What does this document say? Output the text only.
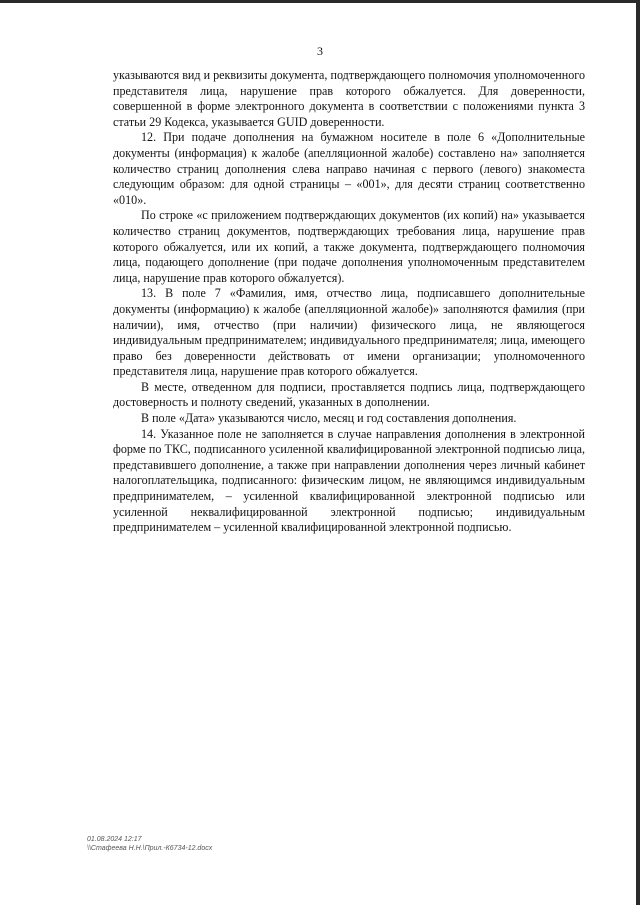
3

указываются вид и реквизиты документа, подтверждающего полномочия уполномоченного представителя лица, нарушение прав которого обжалуется. Для доверенности, совершенной в форме электронного документа в соответствии с положениями пункта 3 статьи 29 Кодекса, указывается GUID доверенности.

12. При подаче дополнения на бумажном носителе в поле 6 «Дополнительные документы (информация) к жалобе (апелляционной жалобе) составлено на» заполняется количество страниц дополнения слева направо начиная с первого (левого) знакоместа следующим образом: для одной страницы – «001», для десяти страниц соответственно «010».

По строке «с приложением подтверждающих документов (их копий) на» указывается количество страниц документов, подтверждающих требования лица, нарушение прав которого обжалуется, или их копий, а также документа, подтверждающего полномочия лица, подающего дополнение (при подаче дополнения уполномоченным представителем лица, нарушение прав которого обжалуется).

13. В поле 7 «Фамилия, имя, отчество лица, подписавшего дополнительные документы (информацию) к жалобе (апелляционной жалобе)» заполняются фамилия (при наличии), имя, отчество (при наличии) физического лица, не являющегося индивидуальным предпринимателем; индивидуального предпринимателя; лица, имеющего право без доверенности действовать от имени организации; уполномоченного представителя лица, нарушение прав которого обжалуется.

В месте, отведенном для подписи, проставляется подпись лица, подтверждающего достоверность и полноту сведений, указанных в дополнении.

В поле «Дата» указываются число, месяц и год составления дополнения.

14. Указанное поле не заполняется в случае направления дополнения в электронной форме по ТКС, подписанного усиленной квалифицированной электронной подписью лица, представившего дополнение, а также при направлении дополнения через личный кабинет налогоплательщика, подписанного: физическим лицом, не являющимся индивидуальным предпринимателем, – усиленной квалифицированной электронной подписью или усиленной неквалифицированной электронной подписью; индивидуальным предпринимателем – усиленной квалифицированной электронной подписью.

01.08.2024 12:17
\\Стафеева Н.Н.\Прил.-К6734-12.docx
